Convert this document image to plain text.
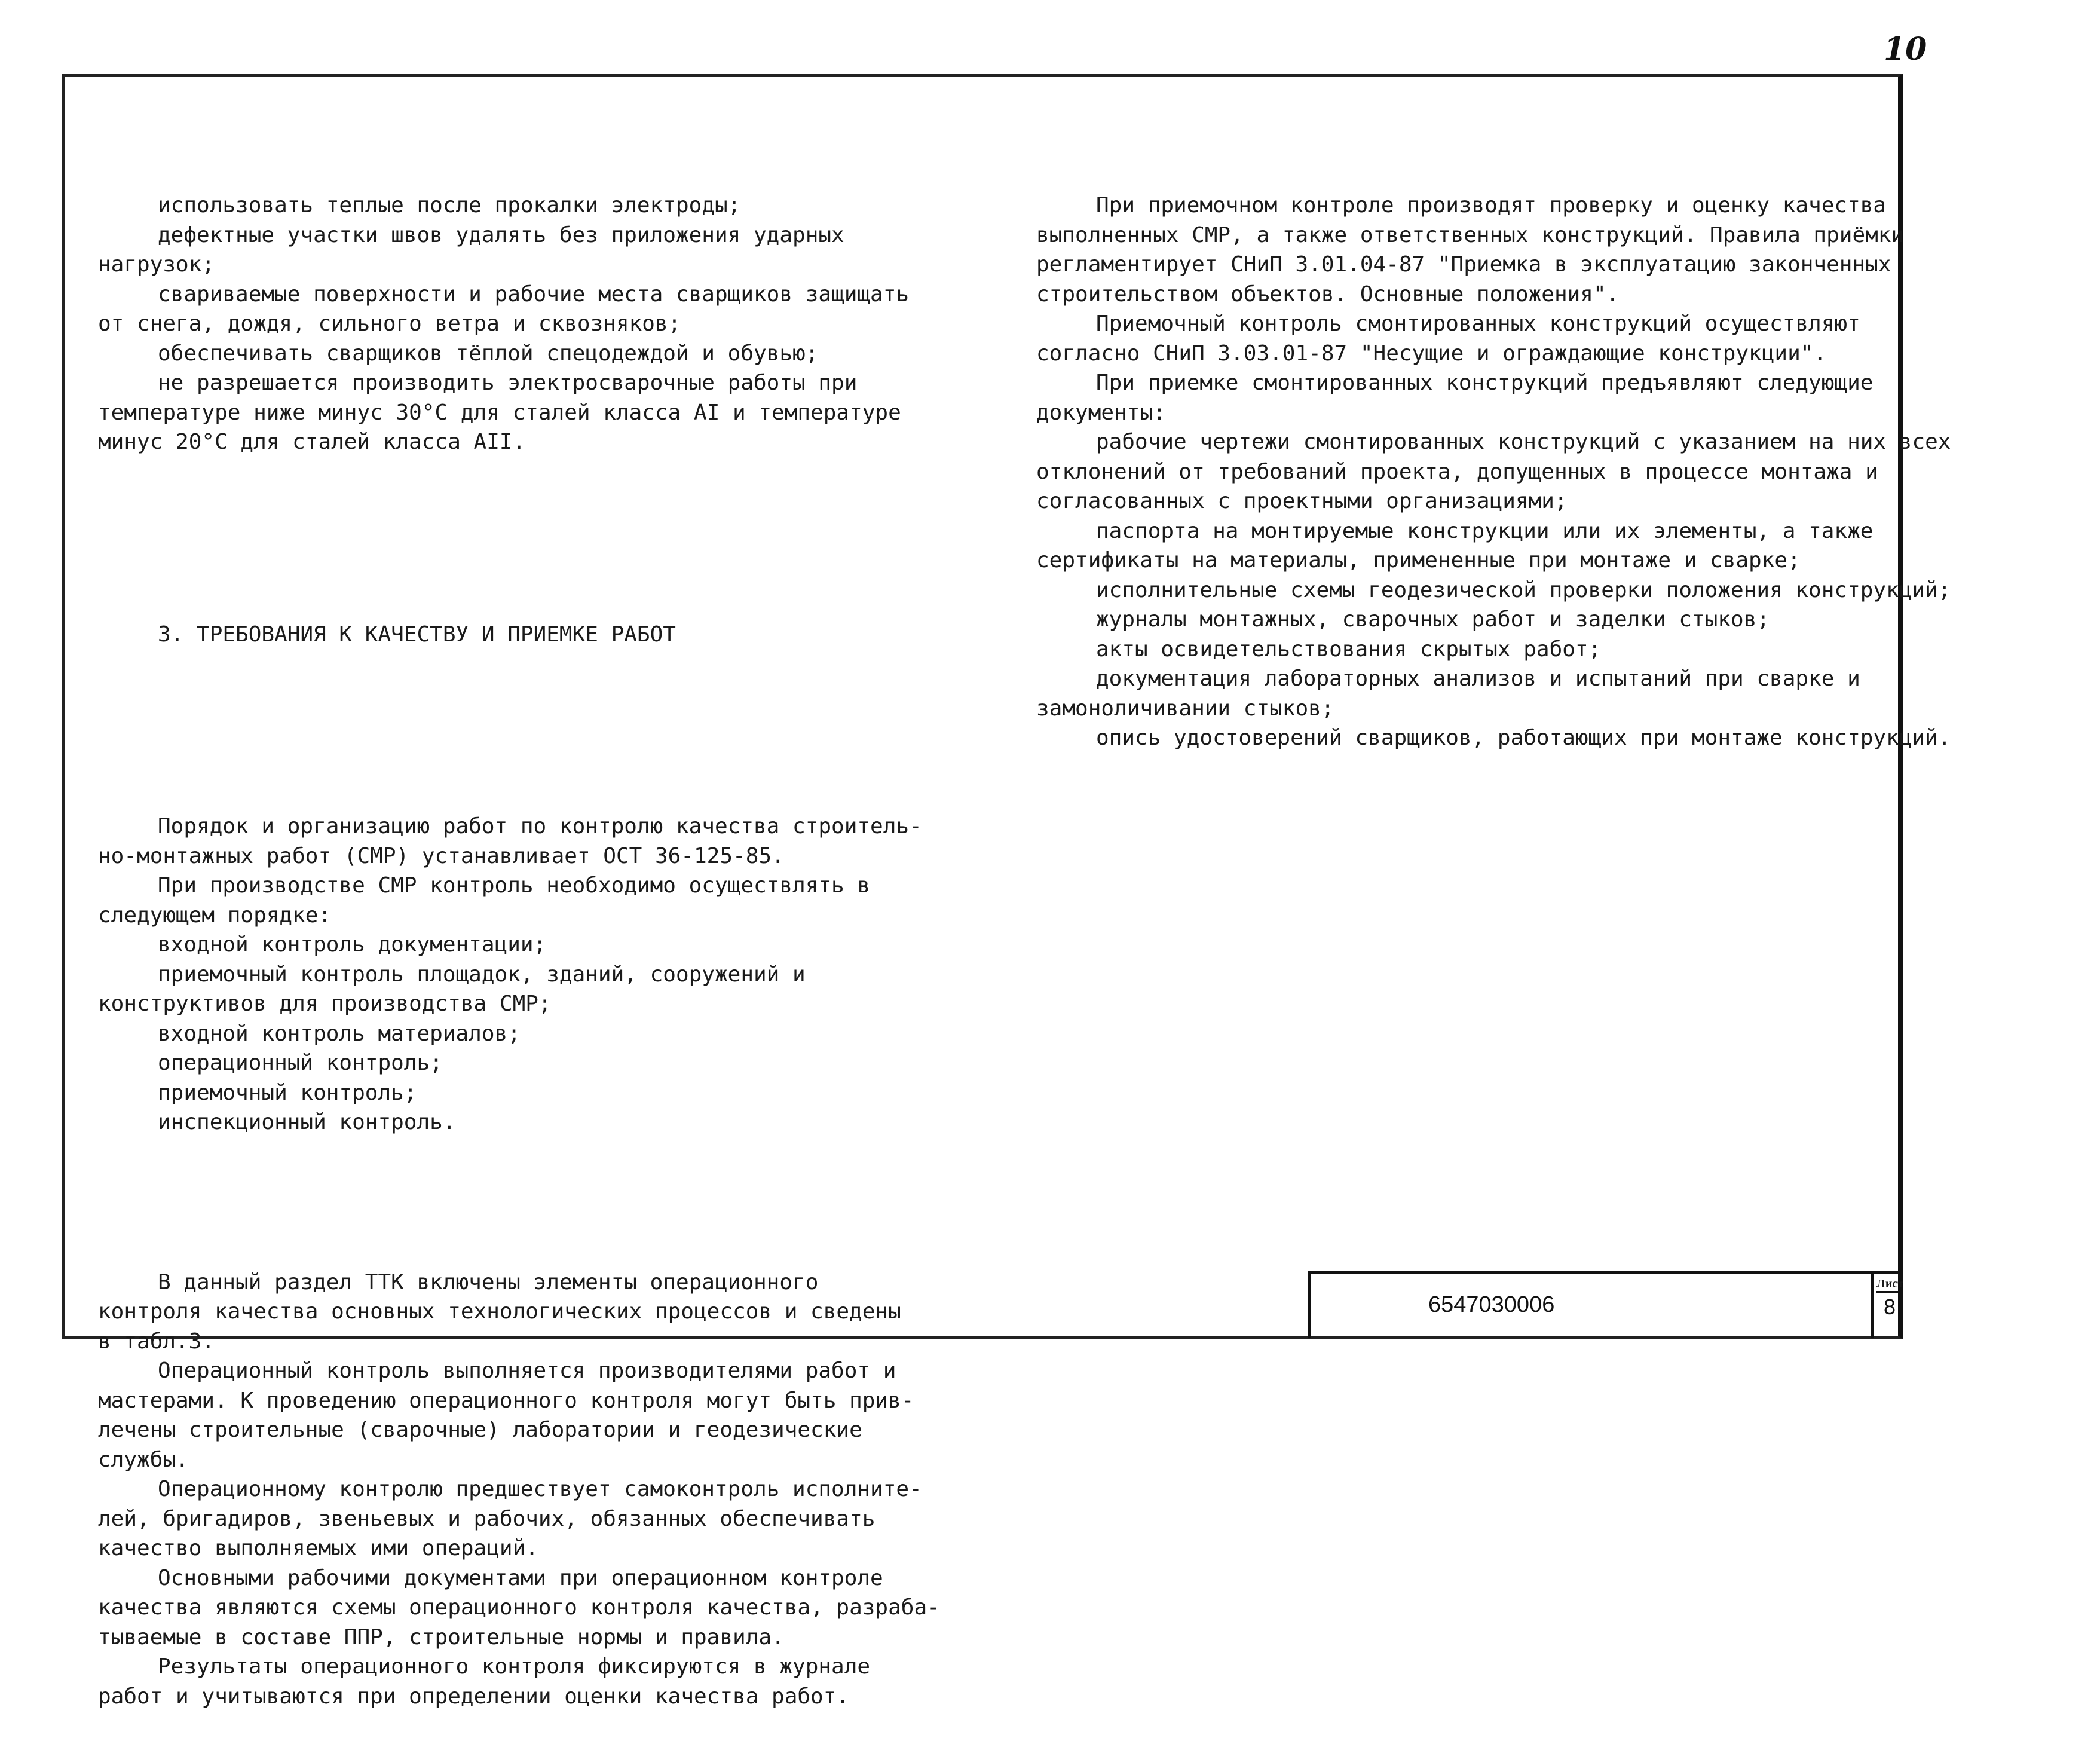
10

использовать теплые после прокалки электроды;
дефектные участки швов удалять без приложения ударных
нагрузок;
свариваемые поверхности и рабочие места сварщиков защищать
от снега, дождя, сильного ветра и сквозняков;
обеспечивать сварщиков тёплой спецодеждой и обувью;
не разрешается производить электросварочные работы при
температуре ниже минус 30°С для сталей класса AI и температуре
минус 20°С для сталей класса AII.

3. ТРЕБОВАНИЯ К КАЧЕСТВУ И ПРИЕМКЕ РАБОТ

Порядок и организацию работ по контролю качества строитель-
но-монтажных работ (СМР) устанавливает ОСТ 36-125-85.
При производстве СМР контроль необходимо осуществлять в
следующем порядке:
входной контроль документации;
приемочный контроль площадок, зданий, сооружений и
конструктивов для производства СМР;
входной контроль материалов;
операционный контроль;
приемочный контроль;
инспекционный контроль.

В данный раздел ТТК включены элементы операционного
контроля качества основных технологических процессов и сведены
в табл.3.
Операционный контроль выполняется производителями работ и
мастерами. К проведению операционного контроля могут быть прив-
лечены строительные (сварочные) лаборатории и геодезические
службы.
Операционному контролю предшествует самоконтроль исполните-
лей, бригадиров, звеньевых и рабочих, обязанных обеспечивать
качество выполняемых ими операций.
Основными рабочими документами при операционном контроле
качества являются схемы операционного контроля качества, разраба-
тываемые в составе ППР, строительные нормы и правила.
Результаты операционного контроля фиксируются в журнале
работ и учитываются при определении оценки качества работ.

При приемочном контроле производят проверку и оценку качества
выполненных СМР, а также ответственных конструкций. Правила приёмки
регламентирует СНиП 3.01.04-87 "Приемка в эксплуатацию законченных
строительством объектов. Основные положения".
Приемочный контроль смонтированных конструкций осуществляют
согласно СНиП 3.03.01-87 "Несущие и ограждающие конструкции".
При приемке смонтированных конструкций предъявляют следующие
документы:
рабочие чертежи смонтированных конструкций с указанием на них всех
отклонений от требований проекта, допущенных в процессе монтажа и
согласованных с проектными организациями;
паспорта на монтируемые конструкции или их элементы, а также
сертификаты на материалы, примененные при монтаже и сварке;
исполнительные схемы геодезической проверки положения конструкций;
журналы монтажных, сварочных работ и заделки стыков;
акты освидетельствования скрытых работ;
документация лабораторных анализов и испытаний при сварке и
замоноличивании стыков;
опись удостоверений сварщиков, работающих при монтаже конструкций.

6547030006
Лист
8
